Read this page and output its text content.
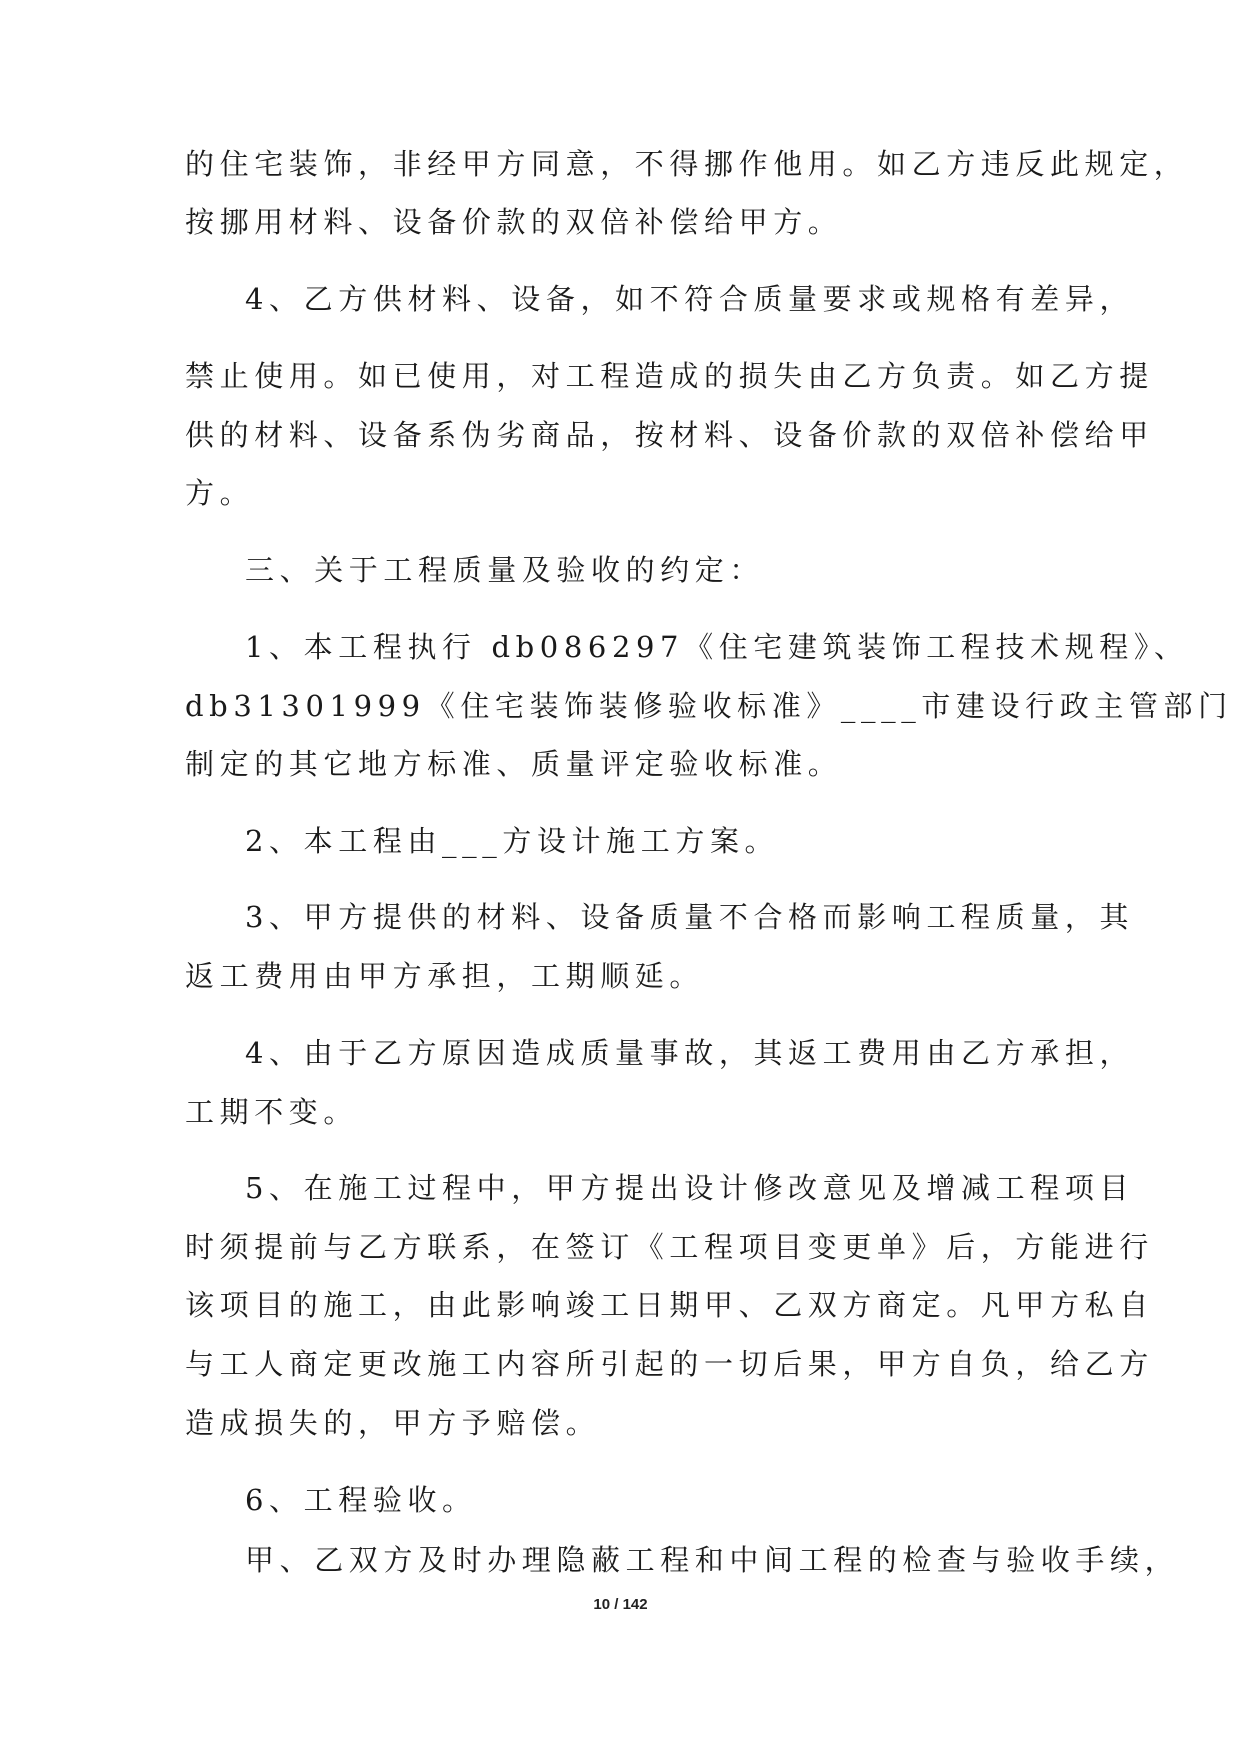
的住宅装饰，非经甲方同意，不得挪作他用。如乙方违反此规定，
按挪用材料、设备价款的双倍补偿给甲方。
4、乙方供材料、设备，如不符合质量要求或规格有差异，
禁止使用。如已使用，对工程造成的损失由乙方负责。如乙方提
供的材料、设备系伪劣商品，按材料、设备价款的双倍补偿给甲
方。
三、关于工程质量及验收的约定：
1、本工程执行 db086297《住宅建筑装饰工程技术规程》、
db31301999《住宅装饰装修验收标准》____市建设行政主管部门
制定的其它地方标准、质量评定验收标准。
2、本工程由___方设计施工方案。
3、甲方提供的材料、设备质量不合格而影响工程质量，其
返工费用由甲方承担，工期顺延。
4、由于乙方原因造成质量事故，其返工费用由乙方承担，
工期不变。
5、在施工过程中，甲方提出设计修改意见及增减工程项目
时须提前与乙方联系，在签订《工程项目变更单》后，方能进行
该项目的施工，由此影响竣工日期甲、乙双方商定。凡甲方私自
与工人商定更改施工内容所引起的一切后果，甲方自负，给乙方
造成损失的，甲方予赔偿。
6、工程验收。
甲、乙双方及时办理隐蔽工程和中间工程的检查与验收手续，
10 / 142
